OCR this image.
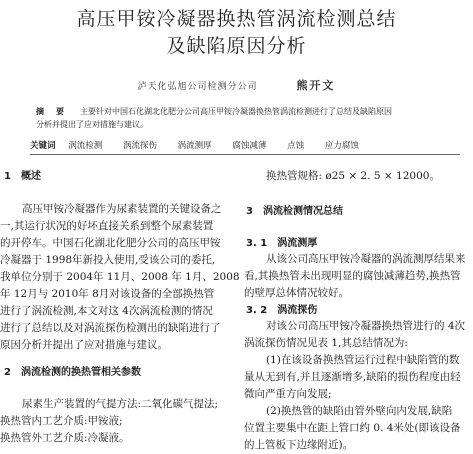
高压甲铵冷凝器换热管涡流检测总结
及缺陷原因分析
泸天化弘旭公司检测分公司	熊开文
摘　要 主要针对中国石化湖北化肥分公司高压甲铵冷凝器换热管涡流检测进行了总结及缺陷原因
分析并提出了应对措施与建议。
关键词 涡流检测 涡流探伤 涡流测厚 腐蚀减薄 点蚀 应力腐蚀
1　概述
高压甲铵冷凝器作为尿素装置的关键设备之
一,其运行状况的好坏直接关系到整个尿素装置
的开停车。中国石化湖北化肥分公司的高压甲铵
冷凝器于 1998年新投入使用,受该公司的委托,
我单位分别于 2004年 11月、2008 年 1月、2008
年 12月与 2010年 8月对该设备的全部换热管
进行了涡流检测,本文对这 4次涡流检测的情况
进行了总结以及对涡流探伤检测出的缺陷进行了
原因分析并提出了应对措施与建议。
2　涡流检测的换热管相关参数
尿素生产装置的气提方法:二氧化碳气提法;
换热管内工艺介质:甲铵液;
换热管外工艺介质:冷凝液。
换热管规格: ø25 × 2. 5 × 12000。
3　涡流检测情况总结
3. 1　涡流测厚
从该公司高压甲铵冷凝器的涡流测厚结果来
看,其换热管未出现明显的腐蚀减薄趋势,换热管
的壁厚总体情况较好。
3. 2　涡流探伤
对该公司高压甲铵冷凝器换热管进行的 4次
涡流探伤情况见表 1,其总结情况为:
(1)在该设备换热管运行过程中缺陷管的数
量从无到有,并且逐渐增多,缺陷的损伤程度由轻
微向严重方向发展;
(2)换热管的缺陷由管外壁向内发展,缺陷
位置主要集中在距上管口约 0. 4米处(即该设备
的上管板下边缘附近)。
